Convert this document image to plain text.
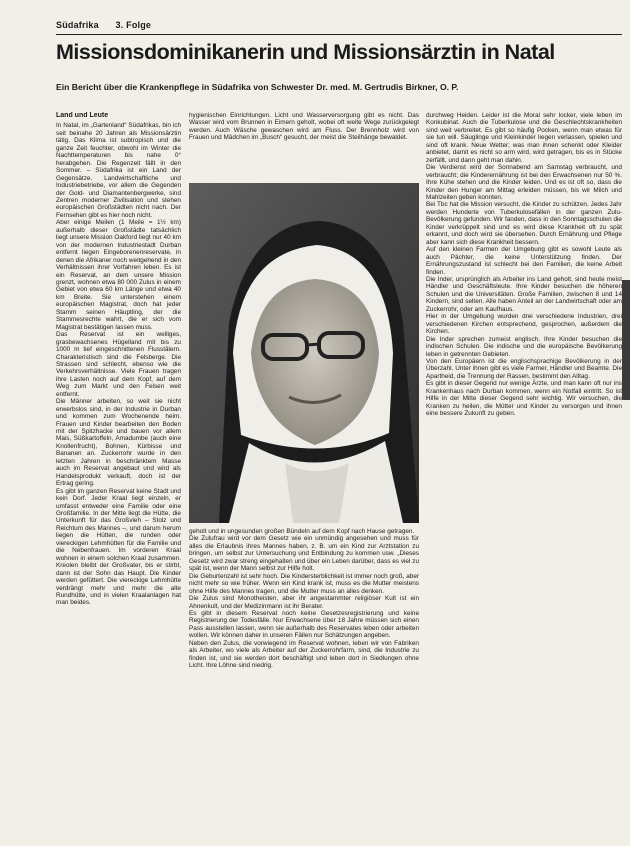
Südafrika 3. Folge
Missionsdominikanerin und Missionsärztin in Natal
Ein Bericht über die Krankenpflege in Südafrika von Schwester Dr. med. M. Gertrudis Birkner, O. P.

Land und Leute

In Natal, im „Gartenland“ Südafrikas, bin ich seit beinahe 20 Jahren als Missionsärztin tätig. Das Klima ist subtropisch und die ganze Zeit feuchter, obwohl im Winter die Nachttemperaturen bis nahe 0° herabgehen. Die Regenzeit fällt in den Sommer. – Südafrika ist ein Land der Gegensätze. Landwirtschaftliche und Industriebetriebe, vor allem die Gegenden der Gold- und Diamantenbergwerke, sind Zentren moderner Zivilisation und stehen europäischen Großstädten nicht nach. Der Fernsehen gibt es hier noch nicht.

Aber einige Meilen (1 Meile = 1½ km) außerhalb dieser Großstädte tatsächlich liegt unsere Mission Oakford liegt nur 40 km von der modernen Industriestadt Durban entfernt liegen Eingeborenenreservate, in denen die Afrikaner noch weitgehend in den Verhältnissen ihrer Vorfahren leben. Es ist ein Reservat, an dem unsere Mission grenzt, wohnen etwa 80 000 Zulus in einem Gebiet von etwa 60 km Länge und etwa 40 km Breite. Sie unterstehen einem europäischen Magistrat, doch hat jeder Stamm seinen Häuptling, der die Stammesrechte wahrt, die er sich vom Magistrat bestätigen lassen muss.

Das Reservat ist ein welliges, grasbewachsenes Hügelland mit bis zu 1000 m tief eingeschnittenen Flusstälern. Charakteristisch sind die Felsberge. Die Strassen sind schlecht, ebenso wie die Verkehrsverhältnisse. Viele Frauen tragen ihre Lasten noch auf dem Kopf, auf dem Weg zum Markt und den Felsen weit entfernt.

Die Männer arbeiten, so weit sie nicht erwerbslos sind, in der Industrie in Durban und kommen zum Wochenende heim. Frauen und Kinder bearbeiten den Boden mit der Spitzhacke und bauen vor allem Mais, Süßkartoffeln, Amadumbe (auch eine Knollenfrucht), Bohnen, Kürbisse und Bananen an. Zuckerrohr wurde in den letzten Jahren in beschränktem Masse auch im Reservat angebaut und wird als Handelsprodukt verkauft, doch ist der Ertrag gering.

Es gibt im ganzen Reservat keine Stadt und kein Dorf. Jeder Kraal liegt einzeln, er umfasst entweder eine Familie oder eine Großfamilie. In der Mitte liegt die Hütte, die Unterkunft für das Großvieh – Stolz und Reichtum des Mannes –, und darum herum liegen die Hütten, die runden oder viereckigen Lehmhütten für die Familie und die Nebenfrauen. Im vorderen Kraal wohnen in einem solchen Kraal zusammen. Kreolen bleibt der Großvater, bis er stirbt, dann ist der Sohn das Haupt. Die Kinder werden gefüttert. Die viereckige Lehmhütte verdrängt mehr und mehr die alte Rundhütte, und in vielen Kraalanlagen hat man beides.

hygienischen Einrichtungen. Licht und Wasserversorgung gibt es nicht. Das Wasser wird vom Brunnen in Eimern geholt, wobei oft weite Wege zurückgelegt werden. Auch Wäsche gewaschen wird am Fluss. Der Brennholz wird von Frauen und Mädchen im „Busch“ gesucht, der meist die Steilhänge bewaldet.

geholt und in ungesunden großen Bündeln auf dem Kopf nach Hause getragen.

Die Zulufrau wird vor dem Gesetz wie ein unmündig angesehen und muss für alles die Erlaubnis ihres Mannes haben, z. B. um ein Kind zur Arztstation zu bringen, um selbst zur Untersuchung und Entbindung zu kommen usw. „Dieses Gesetz wird zwar streng eingehalten und über ein Leben darüber, dass es viel zu spät ist, wenn der Mann selbst zur Hilfe holt.

Die Geburtenzahl ist sehr hoch. Die Kindersterblichkeit ist immer noch groß, aber nicht mehr so wie früher. Wenn ein Kind krank ist, muss es die Mutter meistens ohne Hilfe des Mannes tragen, und die Mutter muss an alles denken.

Die Zulus sind Monotheisten, aber ihr angestammter religiöser Kult ist ein Ahnenkult, und der Medizinmann ist ihr Berater.

Es gibt in diesem Reservat noch keine Gesetzesregistrierung und keine Registrierung der Todesfälle. Nur Erwachsene über 18 Jahre müssen sich einen Pass ausstellen lassen, wenn sie außerhalb des Reservates leben oder arbeiten wollen. Wir können daher in unseren Fällen nur Schätzungen angeben.

Neben den Zulus, die vorwiegend im Reservat wohnen, leben wir von Fabriken als Arbeiter, wo viele als Arbeiter auf der Zuckerrohrfarm, sind, die Industrie zu finden ist, und sie werden dort beschäftigt und leben dort in Siedlungen ohne Licht. Ihre Löhne sind niedrig.

durchweg Heiden. Leider ist die Moral sehr locker, viele leben im Konkubinat. Auch die Tuberkulose und die Geschlechtskrankheiten sind weit verbreitet. Es gibt so häufig Pocken, wenn man etwas für sie tun will. Säuglinge und Kleinkinder liegen verlassen, spielen und sind oft krank. Neue Wetter; was man ihnen schenkt oder Kleider anbietet, damit es nicht so arm wird, wird getragen, bis es in Stücke zerfällt, und dann geht man dahin.

Die Verdienst wird der Sonnabend am Samstag verbraucht, und verbraucht; die Kinderernährung ist bei den Erwachsenen nur 50 %. Ihre Kühe stehen und die Kinder leiden. Und es ist oft so, dass die Kinder den Hunger am Mittag erleiden müssen, bis wir Milch und Mahlzeiten geben konnten.

Bei Tbc hat die Mission versucht, die Kinder zu schützen. Jedes Jahr werden Hunderte von Tuberkulosefällen in der ganzen Zulu-Bevölkerung gefunden. Wir fanden, dass in den Sonntagsschulen die Kinder verkrüppelt sind und es wird diese Krankheit oft zu spät erkannt, und doch wird sie übersehen. Durch Ernährung und Pflege aber kann sich diese Krankheit bessern.

Auf den kleinen Farmen der Umgebung gibt es sowohl Leute als auch Pächter, die keine Unterstützung finden. Der Ernährungszustand ist schlecht bei den Familien, die keine Arbeit finden.

Die Inder, ursprünglich als Arbeiter ins Land geholt, sind heute meist Händler und Geschäftsleute. Ihre Kinder besuchen die höheren Schulen und die Universitäten. Große Familien, zwischen 8 und 14 Kindern, sind selten. Alle haben Anteil an der Landwirtschaft oder am Zuckerrohr, oder am Kaufhaus.

Hier in der Umgebung wurden drei verschiedene Industrien, drei verschiedenen Kirchen entsprechend, gesprochen, außerdem die Kirchen.

Die Inder sprechen zumeist englisch. Ihre Kinder besuchen die indischen Schulen. Die indische und die europäische Bevölkerung leben in getrennten Gebieten.

Von den Europäern ist die englischsprachige Bevölkerung in der Überzahl. Unter ihnen gibt es viele Farmer, Händler und Beamte. Die Apartheid, die Trennung der Rassen, bestimmt den Alltag.

Es gibt in dieser Gegend nur wenige Ärzte, und man kann oft nur ins Krankenhaus nach Durban kommen, wenn ein Notfall eintritt. So ist Hilfe in der Mitte dieser Gegend sehr wichtig. Wir versuchen, die Kranken zu heilen, die Mütter und Kinder zu versorgen und ihnen eine bessere Zukunft zu geben.
